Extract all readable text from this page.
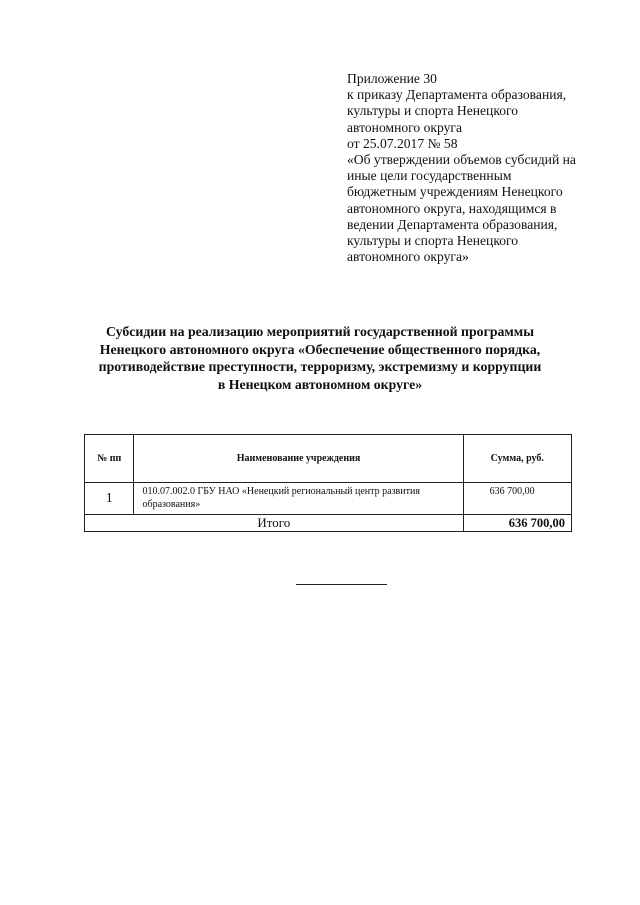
Приложение 30
к приказу Департамента образования,
культуры и спорта Ненецкого
автономного округа
от 25.07.2017 № 58
«Об утверждении объемов субсидий на
иные цели государственным
бюджетным учреждениям Ненецкого
автономного округа, находящимся в
ведении Департамента образования,
культуры и спорта Ненецкого
автономного округа»
Субсидии на реализацию мероприятий государственной программы
Ненецкого автономного округа «Обеспечение общественного порядка,
противодействие преступности, терроризму, экстремизму и коррупции
в Ненецком автономном округе»
№ пп	Наименование учреждения	Сумма, руб.
1	010.07.002.0 ГБУ НАО «Ненецкий региональный центр развития образования»	636 700,00
Итого		636 700,00
